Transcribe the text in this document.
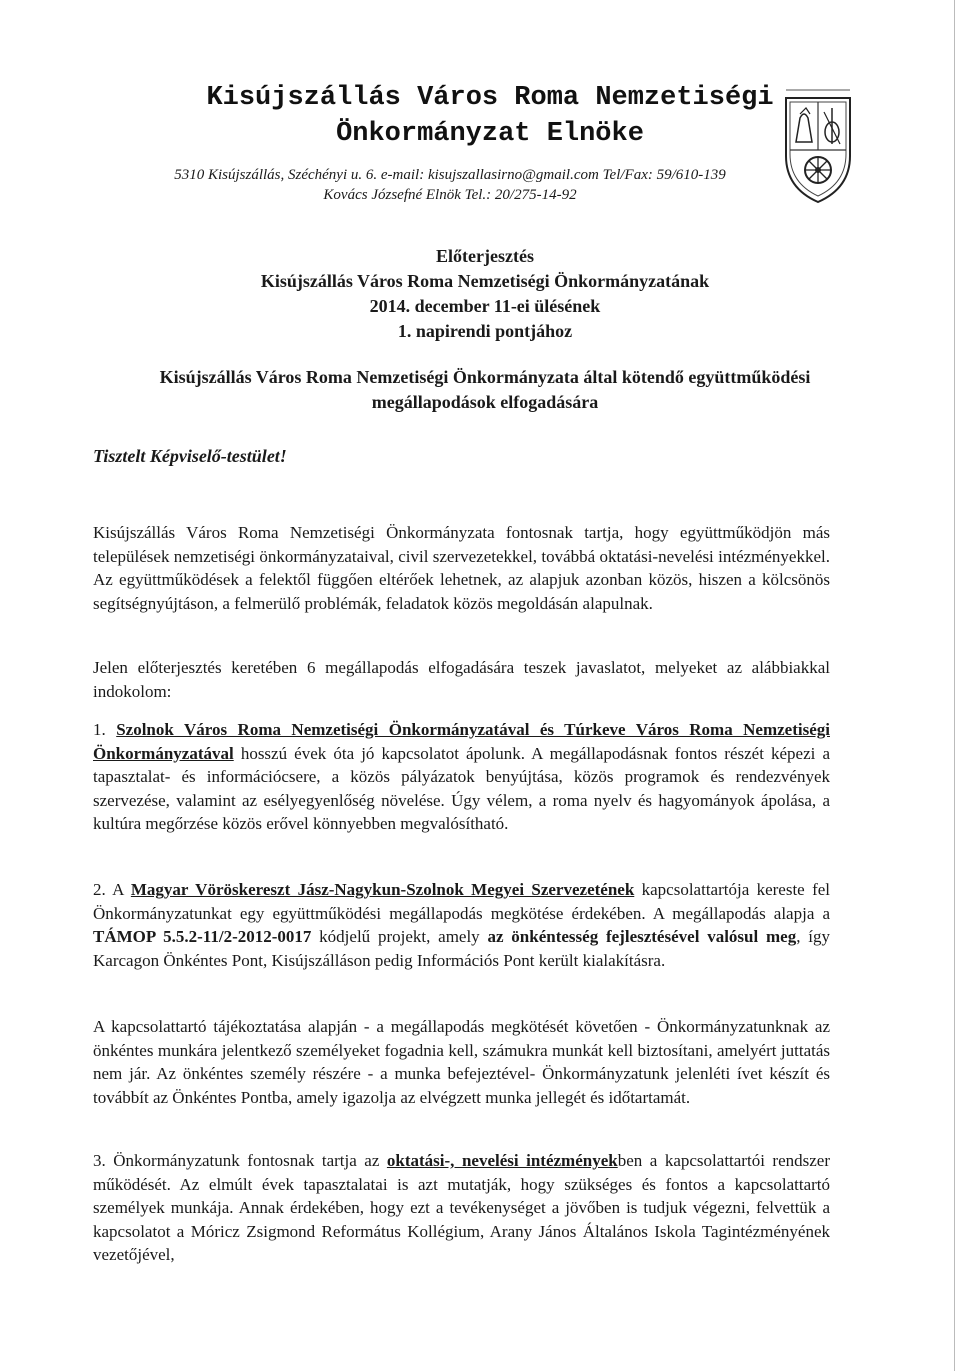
Kisújszállás Város Roma Nemzetiségi
Önkormányzat Elnöke
5310 Kisújszállás, Széchényi u. 6. e-mail: kisujszallasirno@gmail.com Tel/Fax: 59/610-139
Kovács Józsefné Elnök Tel.: 20/275-14-92
Előterjesztés
Kisújszállás Város Roma Nemzetiségi Önkormányzatának
2014. december 11-ei ülésének
1. napirendi pontjához
Kisújszállás Város Roma Nemzetiségi Önkormányzata által kötendő együttműködési
megállapodások elfogadására
Tisztelt Képviselő-testület!

Kisújszállás Város Roma Nemzetiségi Önkormányzata fontosnak tartja, hogy együttműködjön más települések nemzetiségi önkormányzataival, civil szervezetekkel, továbbá oktatási-nevelési intézményekkel. Az együttműködések a felektől függően eltérőek lehetnek, az alapjuk azonban közös, hiszen a kölcsönös segítségnyújtáson, a felmerülő problémák, feladatok közös megoldásán alapulnak.

Jelen előterjesztés keretében 6 megállapodás elfogadására teszek javaslatot, melyeket az alábbiakkal indokolom:

1. Szolnok Város Roma Nemzetiségi Önkormányzatával és Túrkeve Város Roma Nemzetiségi Önkormányzatával hosszú évek óta jó kapcsolatot ápolunk. A megállapodásnak fontos részét képezi a tapasztalat- és információcsere, a közös pályázatok benyújtása, közös programok és rendezvények szervezése, valamint az esélyegyenlőség növelése. Úgy vélem, a roma nyelv és hagyományok ápolása, a kultúra megőrzése közös erővel könnyebben megvalósítható.

2. A Magyar Vöröskereszt Jász-Nagykun-Szolnok Megyei Szervezetének kapcsolattartója kereste fel Önkormányzatunkat egy együttműködési megállapodás megkötése érdekében. A megállapodás alapja a TÁMOP 5.5.2-11/2-2012-0017 kódjelű projekt, amely az önkéntesség fejlesztésével valósul meg, így Karcagon Önkéntes Pont, Kisújszálláson pedig Információs Pont került kialakításra.

A kapcsolattartó tájékoztatása alapján - a megállapodás megkötését követően - Önkormányzatunknak az önkéntes munkára jelentkező személyeket fogadnia kell, számukra munkát kell biztosítani, amelyért juttatás nem jár. Az önkéntes személy részére - a munka befejeztével- Önkormányzatunk jelenléti ívet készít és továbbít az Önkéntes Pontba, amely igazolja az elvégzett munka jellegét és időtartamát.

3. Önkormányzatunk fontosnak tartja az oktatási-, nevelési intézményekben a kapcsolattartói rendszer működését. Az elmúlt évek tapasztalatai is azt mutatják, hogy szükséges és fontos a kapcsolattartó személyek munkája. Annak érdekében, hogy ezt a tevékenységet a jövőben is tudjuk végezni, felvettük a kapcsolatot a Móricz Zsigmond Református Kollégium, Arany János Általános Iskola Tagintézményének vezetőjével,
